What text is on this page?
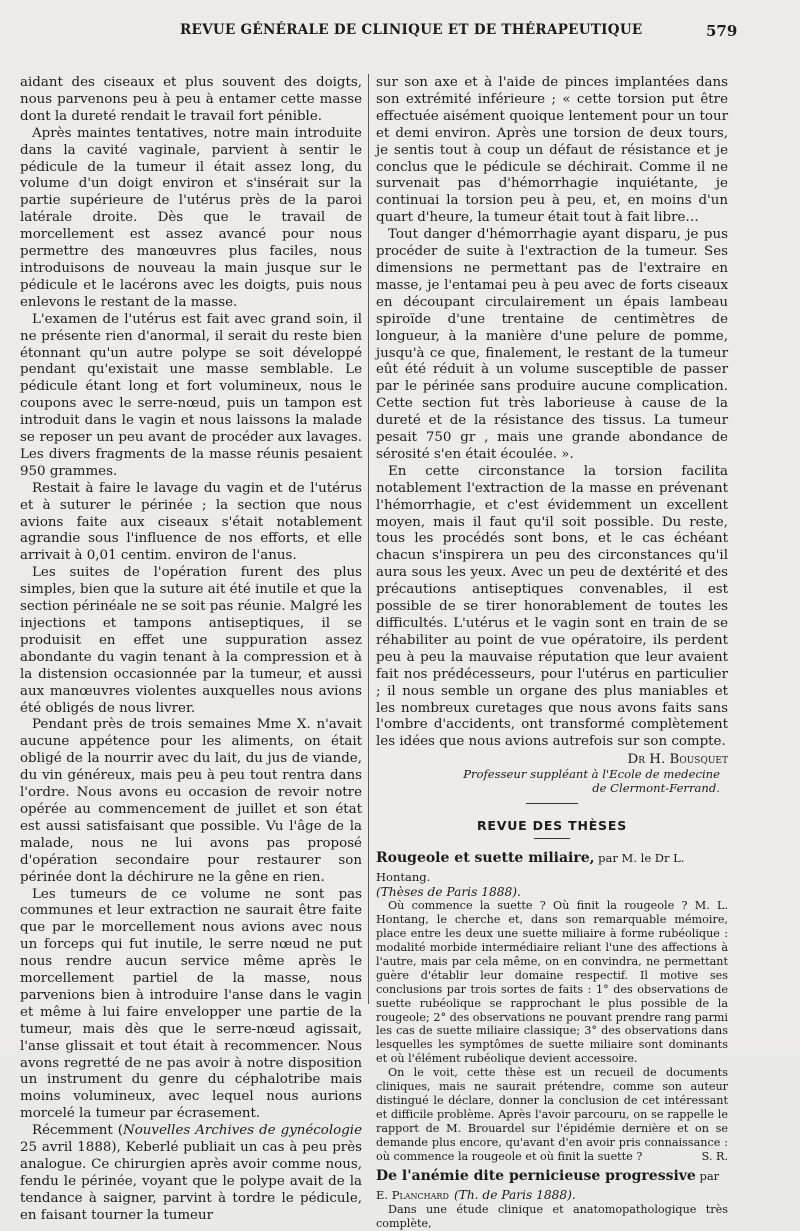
REVUE GÉNÉRALE DE CLINIQUE ET DE THÉRAPEUTIQUE	579

aidant des ciseaux et plus souvent des doigts, nous parvenons peu à peu à entamer cette masse dont la dureté rendait le travail fort pénible.

Après maintes tentatives, notre main introduite dans la cavité vaginale, parvient à sentir le pédicule de la tumeur il était assez long, du volume d'un doigt environ et s'insérait sur la partie supérieure de l'utérus près de la paroi latérale droite. Dès que le travail de morcellement est assez avancé pour nous permettre des manœuvres plus faciles, nous introduisons de nouveau la main jusque sur le pédicule et le lacérons avec les doigts, puis nous enlevons le restant de la masse.

L'examen de l'utérus est fait avec grand soin, il ne présente rien d'anormal, il serait du reste bien étonnant qu'un autre polype se soit développé pendant qu'existait une masse semblable. Le pédicule étant long et fort volumineux, nous le coupons avec le serre-nœud, puis un tampon est introduit dans le vagin et nous laissons la malade se reposer un peu avant de procéder aux lavages. Les divers fragments de la masse réunis pesaient 950 grammes.

Restait à faire le lavage du vagin et de l'utérus et à suturer le périnée ; la section que nous avions faite aux ciseaux s'était notablement agrandie sous l'influence de nos efforts, et elle arrivait à 0,01 centim. environ de l'anus.

Les suites de l'opération furent des plus simples, bien que la suture ait été inutile et que la section périnéale ne se soit pas réunie. Malgré les injections et tampons antiseptiques, il se produisit en effet une suppuration assez abondante du vagin tenant à la compression et à la distension occasionnée par la tumeur, et aussi aux manœuvres violentes auxquelles nous avions été obligés de nous livrer.

Pendant près de trois semaines Mme X. n'avait aucune appétence pour les aliments, on était obligé de la nourrir avec du lait, du jus de viande, du vin généreux, mais peu à peu tout rentra dans l'ordre. Nous avons eu occasion de revoir notre opérée au commencement de juillet et son état est aussi satisfaisant que possible. Vu l'âge de la malade, nous ne lui avons pas proposé d'opération secondaire pour restaurer son périnée dont la déchirure ne la gêne en rien.

Les tumeurs de ce volume ne sont pas communes et leur extraction ne saurait être faite que par le morcellement nous avions avec nous un forceps qui fut inutile, le serre nœud ne put nous rendre aucun service même après le morcellement partiel de la masse, nous parvenions bien à introduire l'anse dans le vagin et même à lui faire envelopper une partie de la tumeur, mais dès que le serre-nœud agissait, l'anse glissait et tout était à recommencer. Nous avons regretté de ne pas avoir à notre disposition un instrument du genre du céphalotribe mais moins volumineux, avec lequel nous aurions morcelé la tumeur par écrasement.

Récemment (Nouvelles Archives de gynécologie 25 avril 1888), Keberlé publiait un cas à peu près analogue. Ce chirurgien après avoir comme nous, fendu le périnée, voyant que le polype avait de la tendance à saigner, parvint à tordre le pédicule, en faisant tourner la tumeur

sur son axe et à l'aide de pinces implantées dans son extrémité inférieure ; « cette torsion put être effectuée aisément quoique lentement pour un tour et demi environ. Après une torsion de deux tours, je sentis tout à coup un défaut de résistance et je conclus que le pédicule se déchirait. Comme il ne survenait pas d'hémorrhagie inquiétante, je continuai la torsion peu à peu, et, en moins d'un quart d'heure, la tumeur était tout à fait libre…

Tout danger d'hémorrhagie ayant disparu, je pus procéder de suite à l'extraction de la tumeur. Ses dimensions ne permettant pas de l'extraire en masse, je l'entamai peu à peu avec de forts ciseaux en découpant circulairement un épais lambeau spiroïde d'une trentaine de centimètres de longueur, à la manière d'une pelure de pomme, jusqu'à ce que, finalement, le restant de la tumeur eût été réduit à un volume susceptible de passer par le périnée sans produire aucune complication. Cette section fut très laborieuse à cause de la dureté et de la résistance des tissus. La tumeur pesait 750 gr , mais une grande abondance de sérosité s'en était écoulée. ».

En cette circonstance la torsion facilita notablement l'extraction de la masse en prévenant l'hémorrhagie, et c'est évidemment un excellent moyen, mais il faut qu'il soit possible. Du reste, tous les procédés sont bons, et le cas échéant chacun s'inspirera un peu des circonstances qu'il aura sous les yeux. Avec un peu de dextérité et des précautions antiseptiques convenables, il est possible de se tirer honorablement de toutes les difficultés. L'utérus et le vagin sont en train de se réhabiliter au point de vue opératoire, ils perdent peu à peu la mauvaise réputation que leur avaient fait nos prédécesseurs, pour l'utérus en particulier ; il nous semble un organe des plus maniables et les nombreux curetages que nous avons faits sans l'ombre d'accidents, ont transformé complètement les idées que nous avions autrefois sur son compte.

Dr H. Bousquet
Professeur suppléant à l'Ecole de medecine
de Clermont-Ferrand.
REVUE DES THÈSES
Rougeole et suette miliaire, par M. le Dr L. Hontang.
(Thèses de Paris 1888).

Où commence la suette ? Où finit la rougeole ? M. L. Hontang, le cherche et, dans son remarquable mémoire, place entre les deux une suette miliaire à forme rubéolique : modalité morbide intermédiaire reliant l'une des affections à l'autre, mais par cela même, on en convindra, ne permettant guère d'établir leur domaine respectif. Il motive ses conclusions par trois sortes de faits : 1° des observations de suette rubéolique se rapprochant le plus possible de la rougeole; 2° des observations ne pouvant prendre rang parmi les cas de suette miliaire classique; 3° des observations dans lesquelles les symptômes de suette miliaire sont dominants et où l'élément rubéolique devient accessoire.

On le voit, cette thèse est un recueil de documents cliniques, mais ne saurait prétendre, comme son auteur distingué le déclare, donner la conclusion de cet intéressant et difficile problème. Après l'avoir parcouru, on se rappelle le rapport de M. Brouardel sur l'épidémie dernière et on se demande plus encore, qu'avant d'en avoir pris connaissance : où commence la rougeole et où finit la suette ?	S. R.

De l'anémie dite pernicieuse progressive par E. Planchard (Th. de Paris 1888).

Dans une étude clinique et anatomopathologique très complète,
